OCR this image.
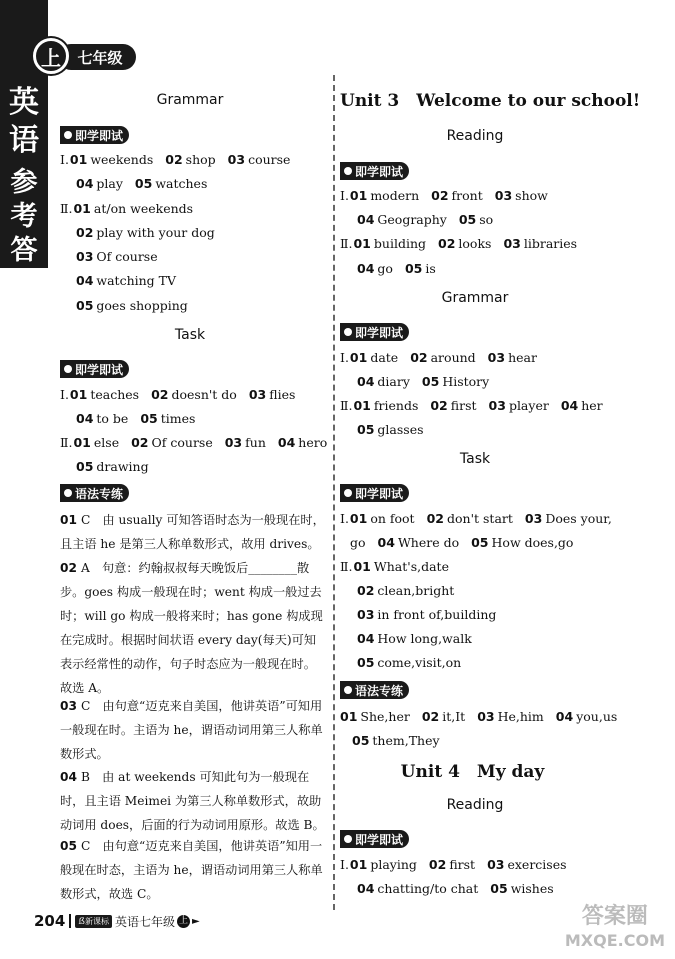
七年级
上
英语
参考答案
Grammar
即学即试
Ⅰ.01 weekends 02 shop 03 course
04 play 05 watches
Ⅱ.01 at/on weekends
02 play with your dog
03 Of course
04 watching TV
05 goes shopping
Task
即学即试
Ⅰ.01 teaches 02 doesn't do 03 flies
04 to be 05 times
Ⅱ.01 else 02 Of course 03 fun 04 hero
05 drawing
语法专练
01 C　由 usually 可知答语时态为一般现在时，且主语 he 是第三人称单数形式，故用 drives。
02 A　句意：约翰叔叔每天晚饭后________散步。goes 构成一般现在时；went 构成一般过去时；will go 构成一般将来时；has gone 构成现在完成时。根据时间状语 every day(每天)可知表示经常性的动作，句子时态应为一般现在时。故选 A。
03 C　由句意“迈克来自美国，他讲英语”可知用一般现在时。主语为 he，谓语动词用第三人称单数形式。
04 B　由 at weekends 可知此句为一般现在时，且主语 Meimei 为第三人称单数形式，故助动词用 does，后面的行为动词用原形。故选 B。
05 C　由句意“迈克来自美国，他讲英语”知用一般现在时态，主语为 he，谓语动词用第三人称单数形式，故选 C。
Unit 3　Welcome to our school!
Reading
即学即试
Ⅰ.01 modern 02 front 03 show
04 Geography 05 so
Ⅱ.01 building 02 looks 03 libraries
04 go 05 is
Grammar
即学即试
Ⅰ.01 date 02 around 03 hear
04 diary 05 History
Ⅱ.01 friends 02 first 03 player 04 her
05 glasses
Task
即学即试
Ⅰ.01 on foot 02 don't start 03 Does your,
go 04 Where do 05 How does,go
Ⅱ.01 What's,date
02 clean,bright
03 in front of,building
04 How long,walk
05 come,visit,on
语法专练
01 She,her 02 it,It 03 He,him 04 you,us
05 them,They
Unit 4　My day
Reading
即学即试
Ⅰ.01 playing 02 first 03 exercises
04 chatting/to chat 05 wishes
204	ẞ新课标 英语七年级 上 ►	答案圈
MXQE.COM
